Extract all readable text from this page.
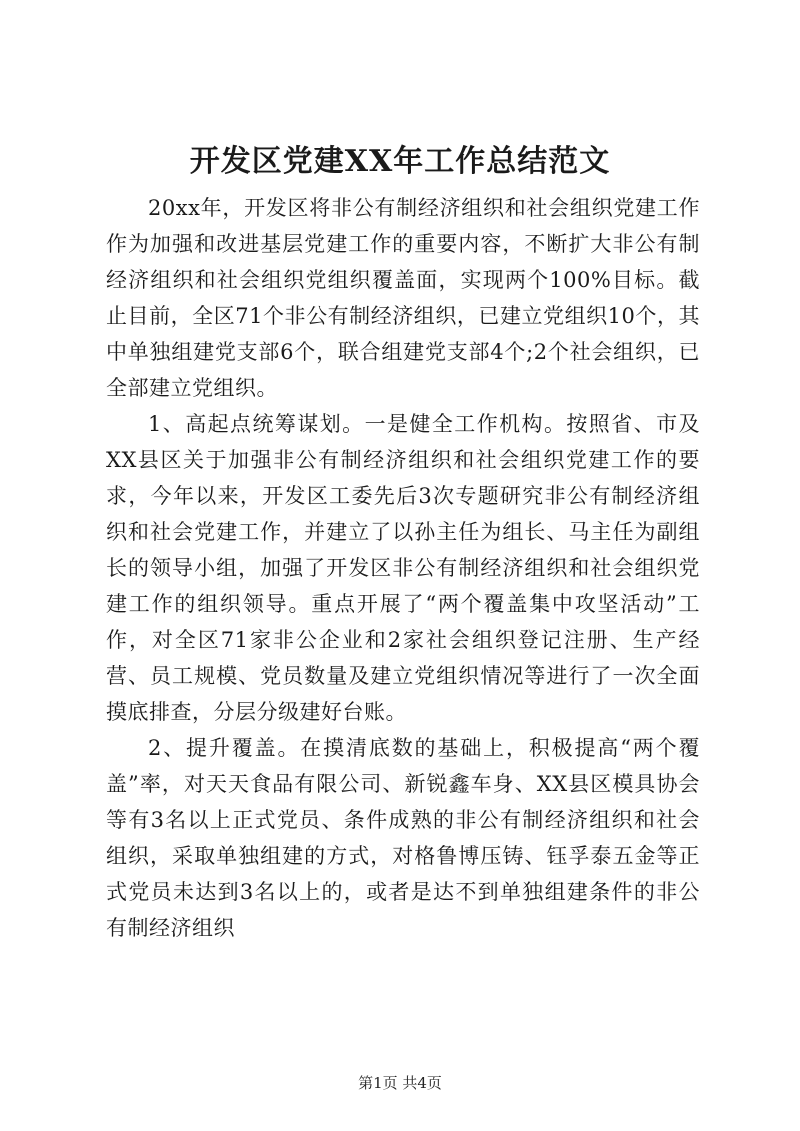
开发区党建XX年工作总结范文

20xx年，开发区将非公有制经济组织和社会组织党建工作作为加强和改进基层党建工作的重要内容，不断扩大非公有制经济组织和社会组织党组织覆盖面，实现两个100%目标。截止目前，全区71个非公有制经济组织，已建立党组织10个，其中单独组建党支部6个，联合组建党支部4个;2个社会组织，已全部建立党组织。

1、高起点统筹谋划。一是健全工作机构。按照省、市及XX县区关于加强非公有制经济组织和社会组织党建工作的要求，今年以来，开发区工委先后3次专题研究非公有制经济组织和社会党建工作，并建立了以孙主任为组长、马主任为副组长的领导小组，加强了开发区非公有制经济组织和社会组织党建工作的组织领导。重点开展了“两个覆盖集中攻坚活动”工作，对全区71家非公企业和2家社会组织登记注册、生产经营、员工规模、党员数量及建立党组织情况等进行了一次全面摸底排查，分层分级建好台账。

2、提升覆盖。在摸清底数的基础上，积极提高“两个覆盖”率，对天天食品有限公司、新锐鑫车身、XX县区模具协会等有3名以上正式党员、条件成熟的非公有制经济组织和社会组织，采取单独组建的方式，对格鲁博压铸、钰孚泰五金等正式党员未达到3名以上的，或者是达不到单独组建条件的非公有制经济组织

第1页 共4页
